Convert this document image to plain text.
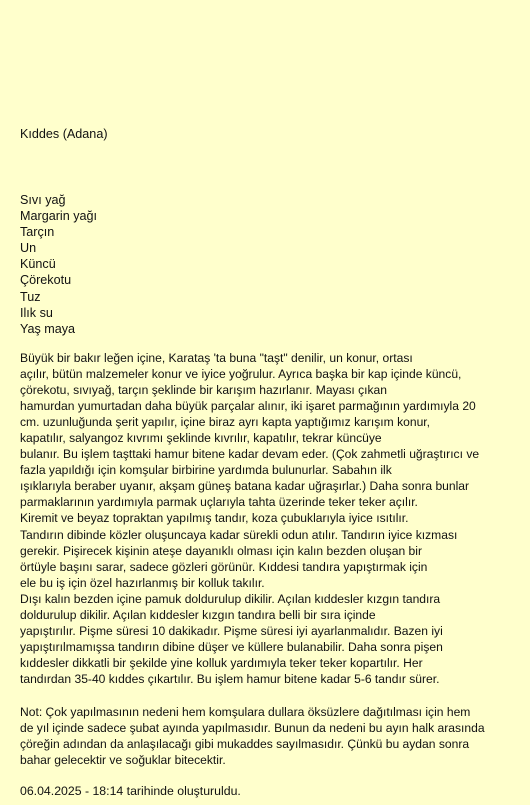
Kıddes (Adana)
Sıvı yağ
Margarin yağı
Tarçın
Un
Küncü
Çörekotu
Tuz
Ilık su
Yaş maya
Büyük bir bakır leğen içine, Karataş 'ta buna "taşt" denilir, un konur, ortası
açılır, bütün malzemeler konur ve iyice yoğrulur. Ayrıca başka bir kap içinde küncü,
çörekotu, sıvıyağ, tarçın şeklinde bir karışım hazırlanır. Mayası çıkan
hamurdan yumurtadan daha büyük parçalar alınır, iki işaret parmağının yardımıyla 20
cm. uzunluğunda şerit yapılır, içine biraz ayrı kapta yaptığımız karışım konur,
kapatılır, salyangoz kıvrımı şeklinde kıvrılır, kapatılır, tekrar küncüye
bulanır. Bu işlem taşttaki hamur bitene kadar devam eder. (Çok zahmetli uğraştırıcı ve
fazla yapıldığı için komşular birbirine yardımda bulunurlar. Sabahın ilk
ışıklarıyla beraber uyanır, akşam güneş batana kadar uğraşırlar.) Daha sonra bunlar
parmaklarının yardımıyla parmak uçlarıyla tahta üzerinde teker teker açılır.
Kiremit ve beyaz topraktan yapılmış tandır, koza çubuklarıyla iyice ısıtılır.
Tandırın dibinde közler oluşuncaya kadar sürekli odun atılır. Tandırın iyice kızması
gerekir. Pişirecek kişinin ateşe dayanıklı olması için kalın bezden oluşan bir
örtüyle başını sarar, sadece gözleri görünür. Kıddesi tandıra yapıştırmak için
ele bu iş için özel hazırlanmış bir kolluk takılır.
Dışı kalın bezden içine pamuk doldurulup dikilir. Açılan kıddesler kızgın tandıra
doldurulup dikilir. Açılan kıddesler kızgın tandıra belli bir sıra içinde
yapıştırılır. Pişme süresi 10 dakikadır. Pişme süresi iyi ayarlanmalıdır. Bazen iyi
yapıştırılmamışsa tandırın dibine düşer ve küllere bulanabilir. Daha sonra pişen
kıddesler dikkatli bir şekilde yine kolluk yardımıyla teker teker kopartılır. Her
tandırdan 35-40 kıddes çıkartılır. Bu işlem hamur bitene kadar 5-6 tandır sürer.
Not: Çok yapılmasının nedeni hem komşulara dullara öksüzlere dağıtılması için hem
de yıl içinde sadece şubat ayında yapılmasıdır. Bunun da nedeni bu ayın halk arasında
çöreğin adından da anlaşılacağı gibi mukaddes sayılmasıdır. Çünkü bu aydan sonra
bahar gelecektir ve soğuklar bitecektir.
06.04.2025 - 18:14 tarihinde oluşturuldu.
